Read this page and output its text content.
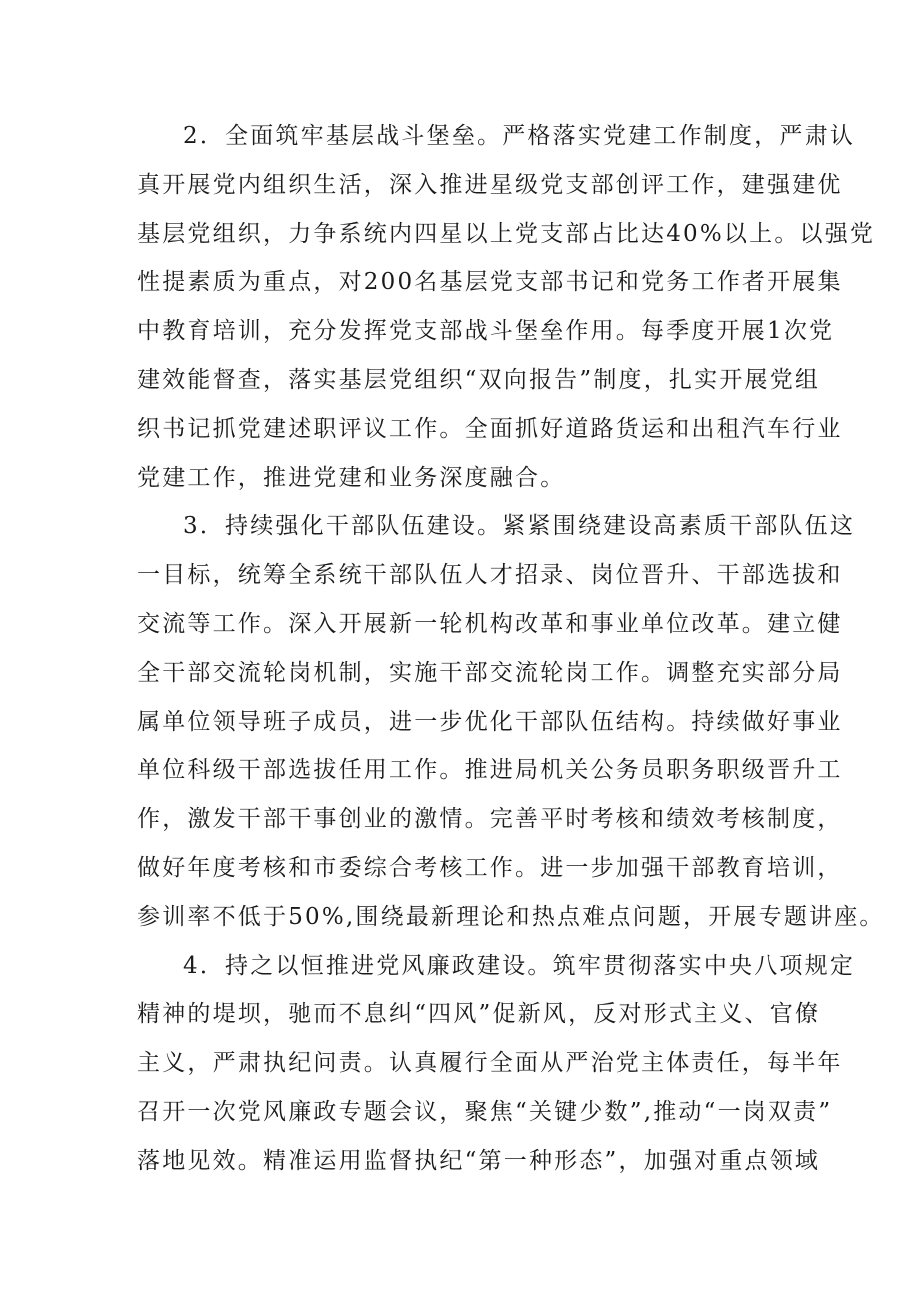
2．全面筑牢基层战斗堡垒。严格落实党建工作制度，严肃认
真开展党内组织生活，深入推进星级党支部创评工作，建强建优
基层党组织，力争系统内四星以上党支部占比达40%以上。以强党
性提素质为重点，对200名基层党支部书记和党务工作者开展集
中教育培训，充分发挥党支部战斗堡垒作用。每季度开展1次党
建效能督查，落实基层党组织“双向报告”制度，扎实开展党组
织书记抓党建述职评议工作。全面抓好道路货运和出租汽车行业
党建工作，推进党建和业务深度融合。

3．持续强化干部队伍建设。紧紧围绕建设高素质干部队伍这
一目标，统筹全系统干部队伍人才招录、岗位晋升、干部选拔和
交流等工作。深入开展新一轮机构改革和事业单位改革。建立健
全干部交流轮岗机制，实施干部交流轮岗工作。调整充实部分局
属单位领导班子成员，进一步优化干部队伍结构。持续做好事业
单位科级干部选拔任用工作。推进局机关公务员职务职级晋升工
作，激发干部干事创业的激情。完善平时考核和绩效考核制度，
做好年度考核和市委综合考核工作。进一步加强干部教育培训，
参训率不低于50%,围绕最新理论和热点难点问题，开展专题讲座。

4．持之以恒推进党风廉政建设。筑牢贯彻落实中央八项规定
精神的堤坝，驰而不息纠“四风”促新风，反对形式主义、官僚
主义，严肃执纪问责。认真履行全面从严治党主体责任，每半年
召开一次党风廉政专题会议，聚焦“关键少数”,推动“一岗双责”
落地见效。精准运用监督执纪“第一种形态”，加强对重点领域
